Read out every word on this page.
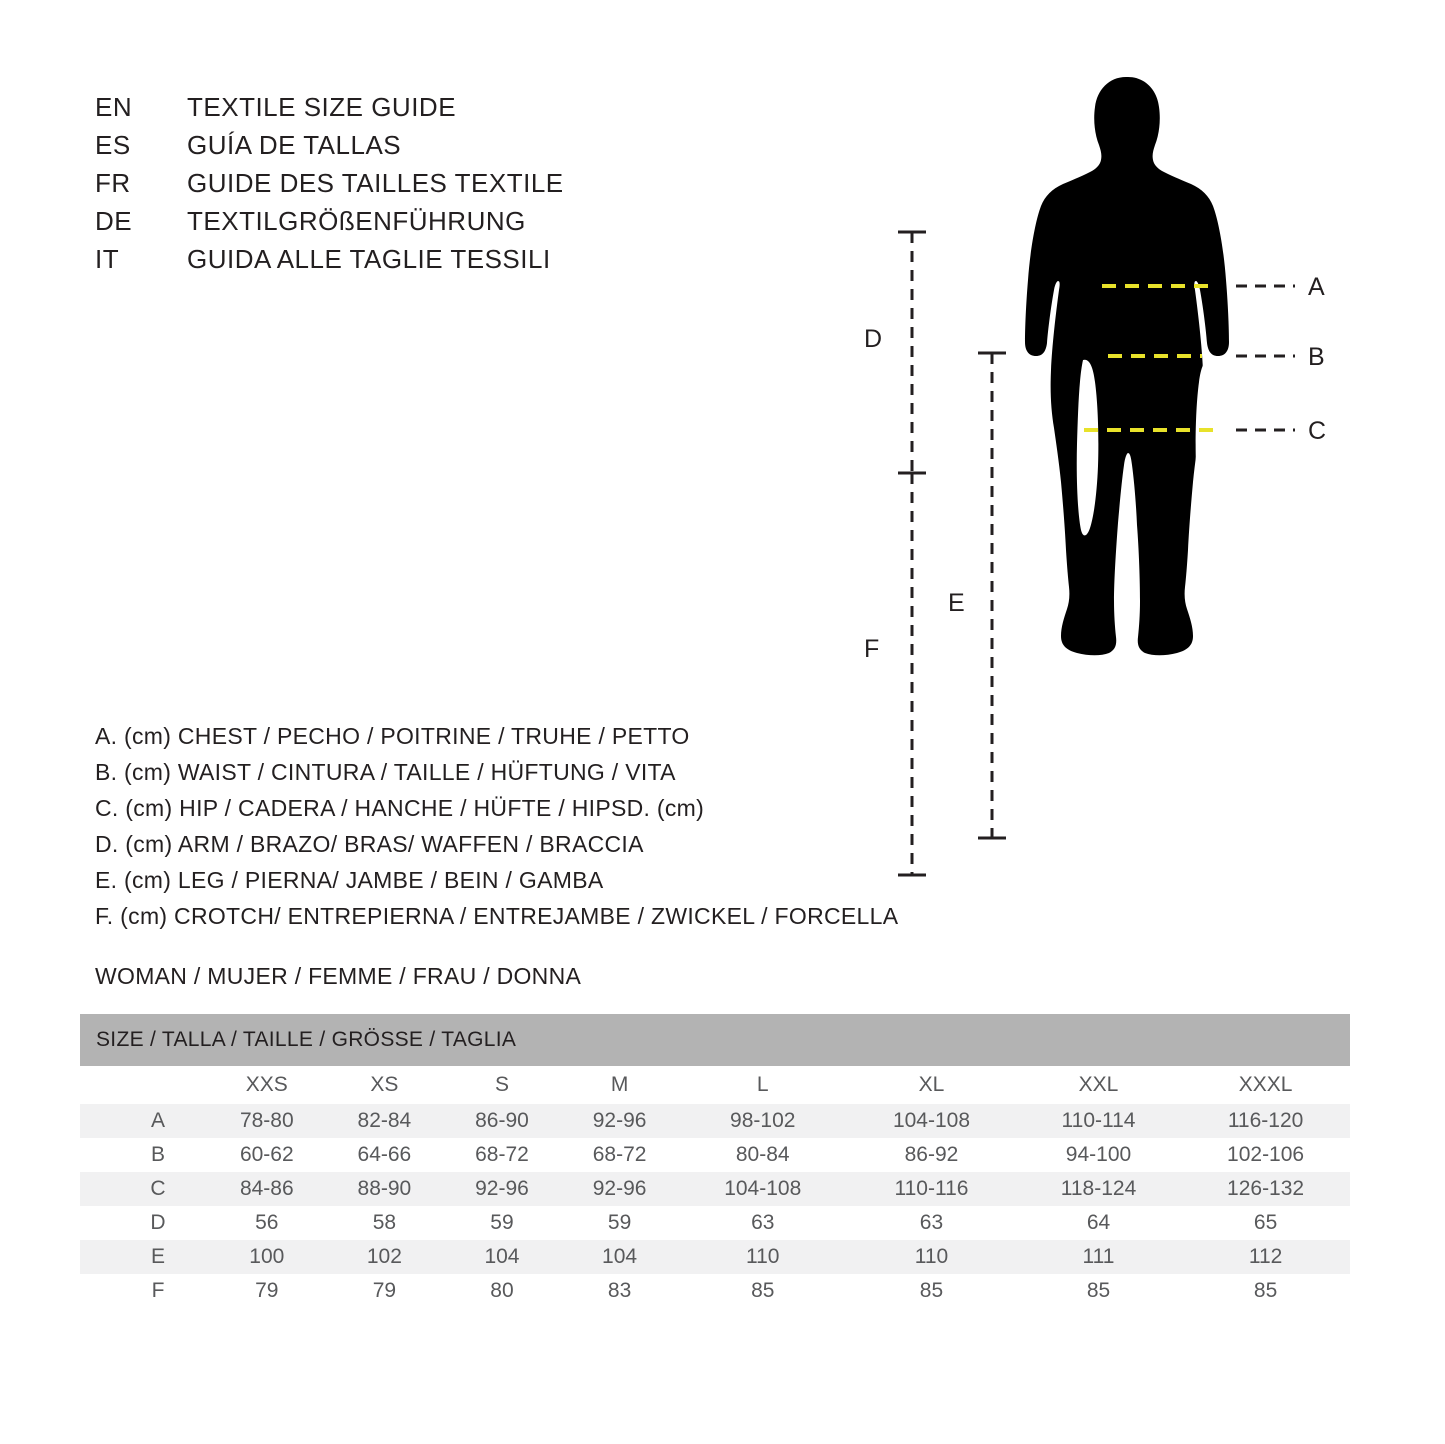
EN	TEXTILE SIZE GUIDE
ES	GUÍA DE TALLAS
FR	GUIDE DES TAILLES TEXTILE
DE	TEXTILGRÖßENFÜHRUNG
IT	GUIDA ALLE TAGLIE TESSILI
A. (cm) CHEST / PECHO / POITRINE / TRUHE / PETTO
B. (cm) WAIST / CINTURA / TAILLE / HÜFTUNG / VITA
C. (cm) HIP / CADERA / HANCHE / HÜFTE / HIPSD. (cm)
D. (cm) ARM / BRAZO/ BRAS/ WAFFEN / BRACCIA
E. (cm) LEG / PIERNA/ JAMBE / BEIN / GAMBA
F. (cm) CROTCH/ ENTREPIERNA / ENTREJAMBE / ZWICKEL / FORCELLA
WOMAN / MUJER / FEMME / FRAU / DONNA
A
B
C
D
F
E
SIZE / TALLA / TAILLE / GRÖSSE / TAGLIA								
	XXS	XS	S	M	L	XL	XXL	XXXL
A	78-80	82-84	86-90	92-96	98-102	104-108	110-114	116-120
B	60-62	64-66	68-72	68-72	80-84	86-92	94-100	102-106
C	84-86	88-90	92-96	92-96	104-108	110-116	118-124	126-132
D	56	58	59	59	63	63	64	65
E	100	102	104	104	110	110	111	112
F	79	79	80	83	85	85	85	85
